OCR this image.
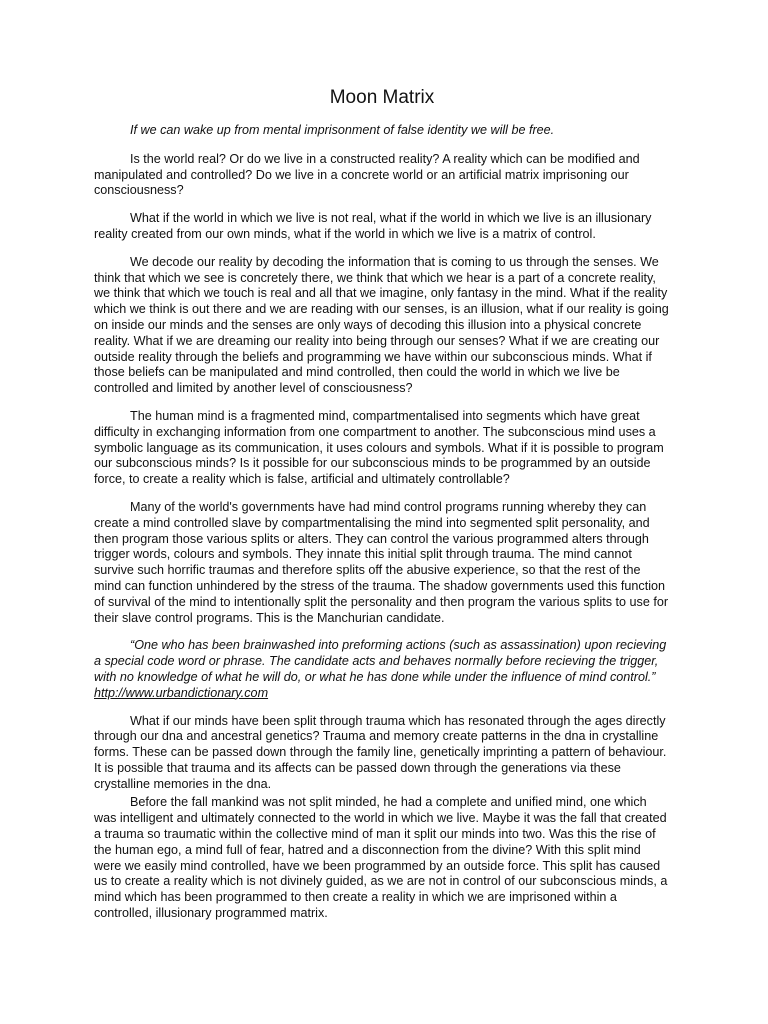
Moon Matrix

If we can wake up from mental imprisonment of false identity we will be free.

Is the world real? Or do we live in a constructed reality? A reality which can be modified and manipulated and controlled? Do we live in a concrete world or an artificial matrix imprisoning our consciousness?

What if the world in which we live is not real, what if the world in which we live is an illusionary reality created from our own minds, what if the world in which we live is a matrix of control.

We decode our reality by decoding the information that is coming to us through the senses. We think that which we see is concretely there, we think that which we hear is a part of a concrete reality, we think that which we touch is real and all that we imagine, only fantasy in the mind. What if the reality which we think is out there and we are reading with our senses, is an illusion, what if our reality is going on inside our minds and the senses are only ways of decoding this illusion into a physical concrete reality. What if we are dreaming our reality into being through our senses? What if we are creating our outside reality through the beliefs and programming we have within our subconscious minds. What if those beliefs can be manipulated and mind controlled, then could the world in which we live be controlled and limited by another level of consciousness?

The human mind is a fragmented mind, compartmentalised into segments which have great difficulty in exchanging information from one compartment to another. The subconscious mind uses a symbolic language as its communication, it uses colours and symbols. What if it is possible to program our subconscious minds? Is it possible for our subconscious minds to be programmed by an outside force, to create a reality which is false, artificial and ultimately controllable?

Many of the world's governments have had mind control programs running whereby they can create a mind controlled slave by compartmentalising the mind into segmented split personality, and then program those various splits or alters. They can control the various programmed alters through trigger words, colours and symbols. They innate this initial split through trauma. The mind cannot survive such horrific traumas and therefore splits off the abusive experience, so that the rest of the mind can function unhindered by the stress of the trauma. The shadow governments used this function of survival of the mind to intentionally split the personality and then program the various splits to use for their slave control programs. This is the Manchurian candidate.

“One who has been brainwashed into preforming actions (such as assassination) upon recieving a special code word or phrase. The candidate acts and behaves normally before recieving the trigger, with no knowledge of what he will do, or what he has done while under the influence of mind control.” http://www.urbandictionary.com

What if our minds have been split through trauma which has resonated through the ages directly through our dna and ancestral genetics? Trauma and memory create patterns in the dna in crystalline forms. These can be passed down through the family line, genetically imprinting a pattern of behaviour. It is possible that trauma and its affects can be passed down through the generations via these crystalline memories in the dna.

Before the fall mankind was not split minded, he had a complete and unified mind, one which was intelligent and ultimately connected to the world in which we live. Maybe it was the fall that created a trauma so traumatic within the collective mind of man it split our minds into two. Was this the rise of the human ego, a mind full of fear, hatred and a disconnection from the divine? With this split mind were we easily mind controlled, have we been programmed by an outside force. This split has caused us to create a reality which is not divinely guided, as we are not in control of our subconscious minds, a mind which has been programmed to then create a reality in which we are imprisoned within a controlled, illusionary programmed matrix.
